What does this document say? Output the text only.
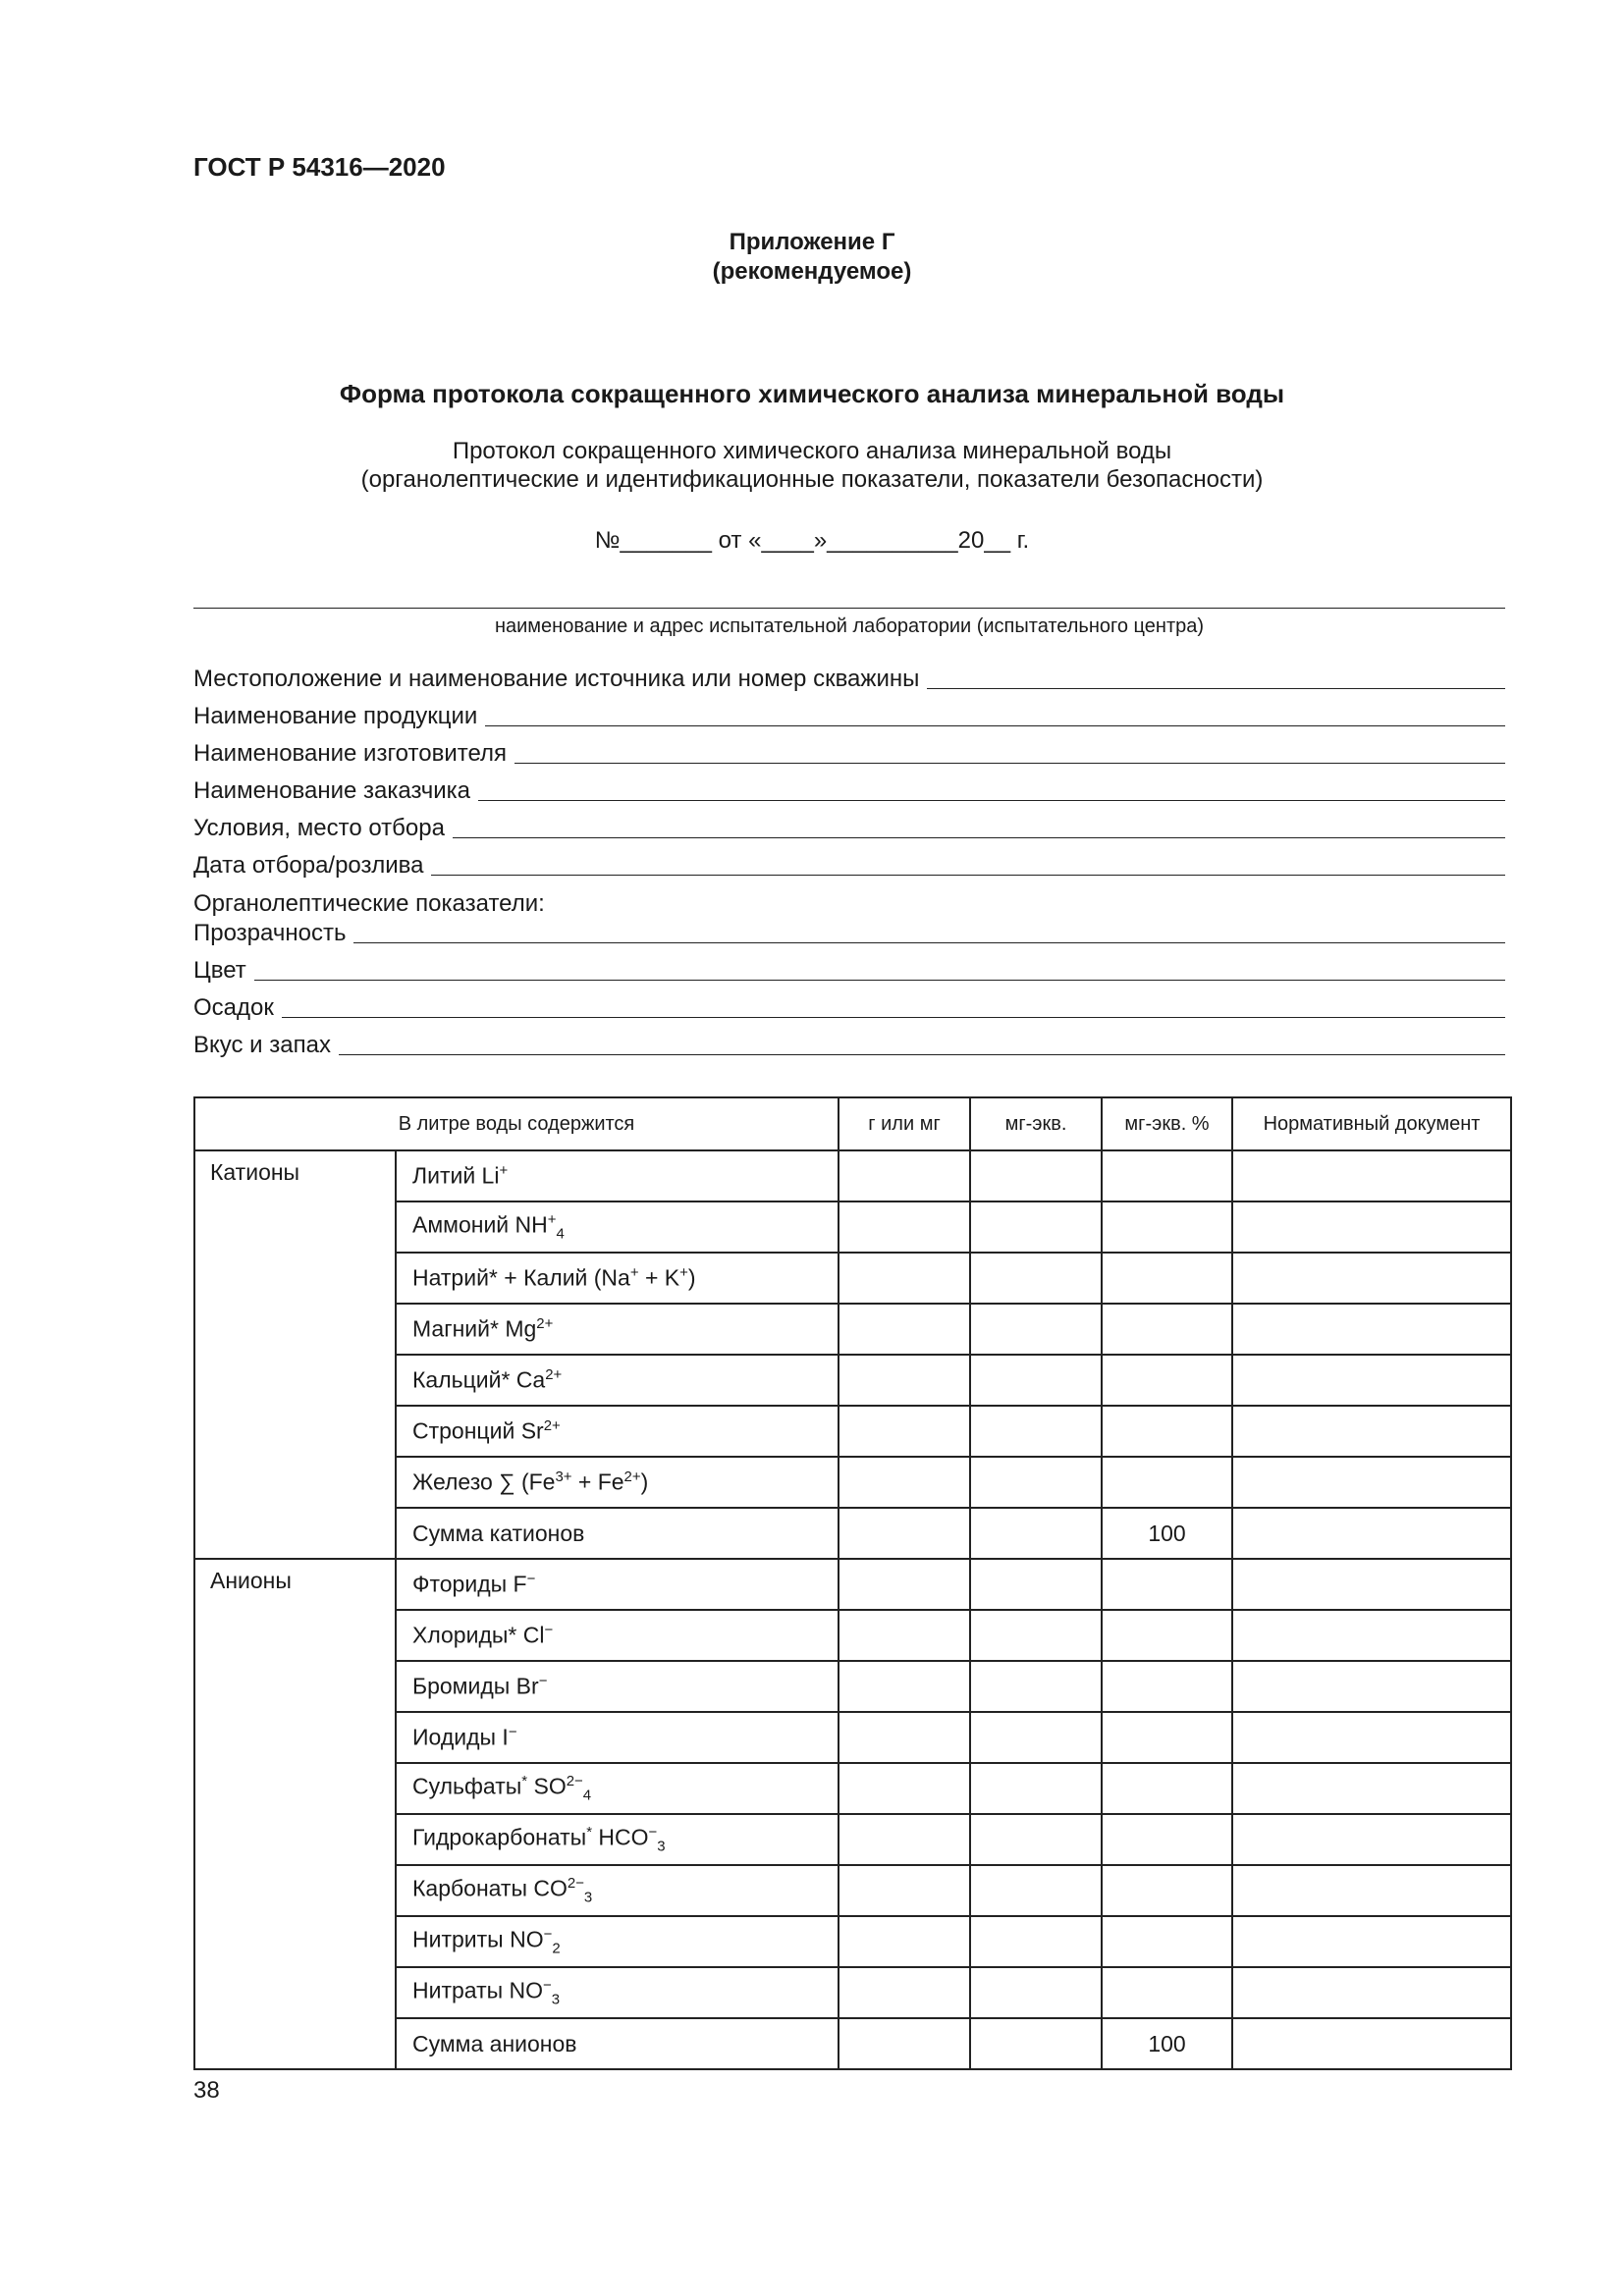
ГОСТ Р 54316—2020
Приложение Г
(рекомендуемое)
Форма протокола сокращенного химического анализа минеральной воды
Протокол сокращенного химического анализа минеральной воды
(органолептические и идентификационные показатели, показатели безопасности)
№_______ от «____»__________20__ г.
наименование и адрес испытательной лаборатории (испытательного центра)
Местоположение и наименование источника или номер скважины
Наименование продукции
Наименование изготовителя
Наименование заказчика
Условия, место отбора
Дата отбора/розлива
Органолептические показатели:
Прозрачность
Цвет
Осадок
Вкус и запах
В литре воды содержится		г или мг	мг-экв.	мг-экв. %	Нормативный документ
Катионы	Литий Li+				
	Аммоний $NH^+_4$				
	Натрий* + Калий (Na+ + K+)				
	Магний* $Mg^{2+}$				
	Кальций* $Ca^{2+}$				
	Стронций $Sr^{2+}$				
	Железо ∑ $(Fe^{3+} + Fe^{2+})$				
	Сумма катионов			100	
Анионы	Фториды F−				
	Хлориды* Cl−				
	Бромиды Br−				
	Иодиды I−				
	Сульфаты* $SO^{2-}_4$				
	Гидрокарбонаты* $HCO^-_3$				
	Карбонаты $CO^{2-}_3$				
	Нитриты $NO^-_2$				
	Нитраты $NO^-_3$				
	Сумма анионов			100	
38
